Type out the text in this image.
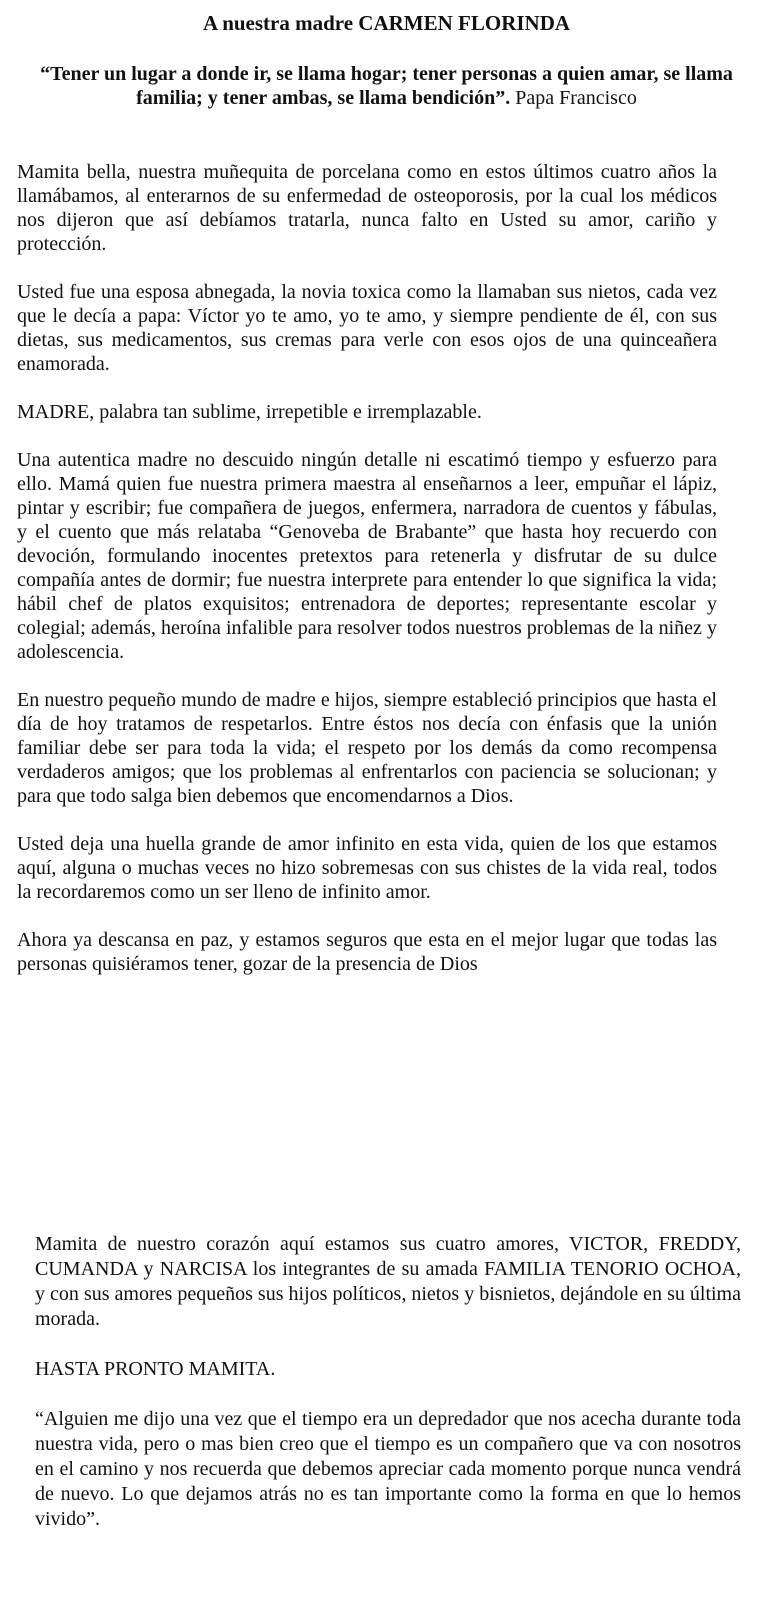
A nuestra madre CARMEN FLORINDA
“Tener un lugar a donde ir, se llama hogar; tener personas a quien amar, se llama familia; y tener ambas, se llama bendición”. Papa Francisco

Mamita bella, nuestra muñequita de porcelana como en estos últimos cuatro años la llamábamos, al enterarnos de su enfermedad de osteoporosis, por la cual los médicos nos dijeron que así debíamos tratarla, nunca falto en Usted su amor, cariño y protección.

Usted fue una esposa abnegada, la novia toxica como la llamaban sus nietos, cada vez que le decía a papa: Víctor yo te amo, yo te amo, y siempre pendiente de él, con sus dietas, sus medicamentos, sus cremas para verle con esos ojos de una quinceañera enamorada.

MADRE, palabra tan sublime, irrepetible e irremplazable.

Una autentica madre no descuido ningún detalle ni escatimó tiempo y esfuerzo para ello. Mamá quien fue nuestra primera maestra al enseñarnos a leer, empuñar el lápiz, pintar y escribir; fue compañera de juegos, enfermera, narradora de cuentos y fábulas, y el cuento que más relataba “Genoveba de Brabante” que hasta hoy recuerdo con devoción, formulando inocentes pretextos para retenerla y disfrutar de su dulce compañía antes de dormir; fue nuestra interprete para entender lo que significa la vida; hábil chef de platos exquisitos; entrenadora de deportes; representante escolar y colegial; además, heroína infalible para resolver todos nuestros problemas de la niñez y adolescencia.

En nuestro pequeño mundo de madre e hijos, siempre estableció principios que hasta el día de hoy tratamos de respetarlos. Entre éstos nos decía con énfasis que la unión familiar debe ser para toda la vida; el respeto por los demás da como recompensa verdaderos amigos; que los problemas al enfrentarlos con paciencia se solucionan; y para que todo salga bien debemos que encomendarnos a Dios.

Usted deja una huella grande de amor infinito en esta vida, quien de los que estamos aquí, alguna o muchas veces no hizo sobremesas con sus chistes de la vida real, todos la recordaremos como un ser lleno de infinito amor.

Ahora ya descansa en paz, y estamos seguros que esta en el mejor lugar que todas las personas quisiéramos tener, gozar de la presencia de Dios

Mamita de nuestro corazón aquí estamos sus cuatro amores, VICTOR, FREDDY, CUMANDA y NARCISA los integrantes de su amada FAMILIA TENORIO OCHOA, y con sus amores pequeños sus hijos políticos, nietos y bisnietos, dejándole en su última morada.

HASTA PRONTO MAMITA.

“Alguien me dijo una vez que el tiempo era un depredador que nos acecha durante toda nuestra vida, pero o mas bien creo que el tiempo es un compañero que va con nosotros en el camino y nos recuerda que debemos apreciar cada momento porque nunca vendrá de nuevo. Lo que dejamos atrás no es tan importante como la forma en que lo hemos vivido”.
